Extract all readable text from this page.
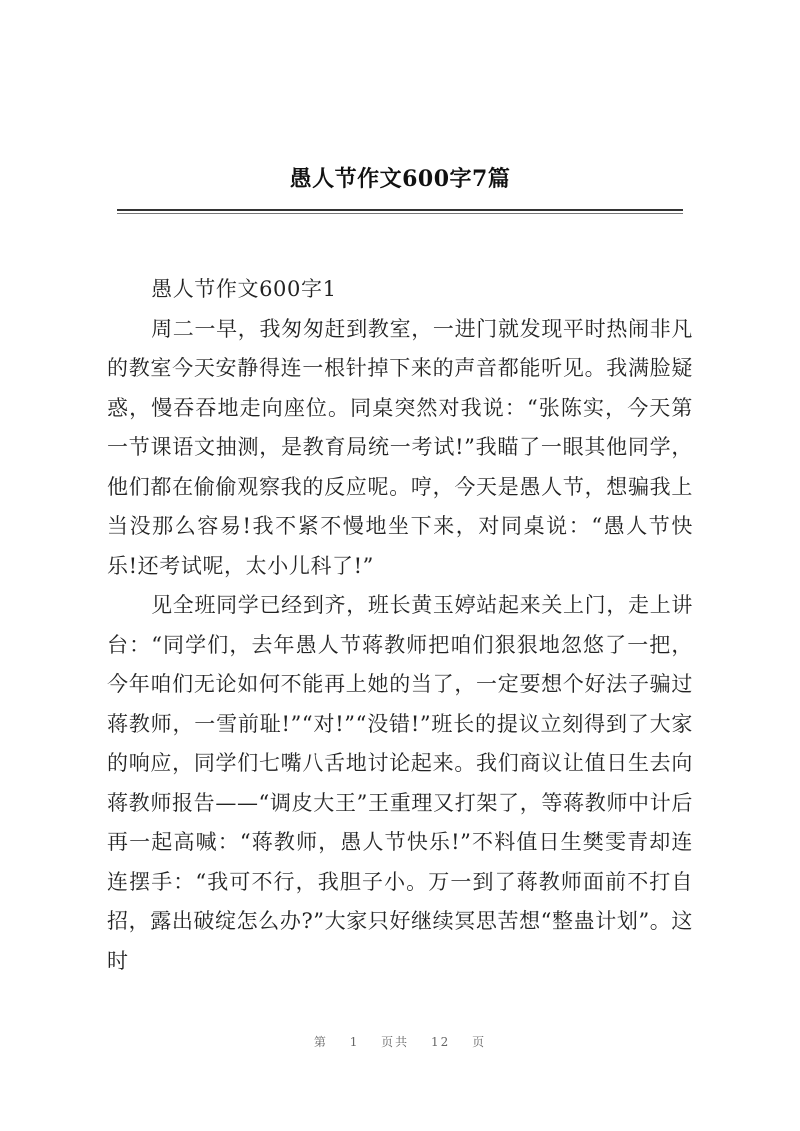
愚人节作文600字7篇

愚人节作文600字1

周二一早，我匆匆赶到教室，一进门就发现平时热闹非凡的教室今天安静得连一根针掉下来的声音都能听见。我满脸疑惑，慢吞吞地走向座位。同桌突然对我说：“张陈实，今天第一节课语文抽测，是教育局统一考试!”我瞄了一眼其他同学，他们都在偷偷观察我的反应呢。哼，今天是愚人节，想骗我上当没那么容易!我不紧不慢地坐下来，对同桌说：“愚人节快乐!还考试呢，太小儿科了!”

见全班同学已经到齐，班长黄玉婷站起来关上门，走上讲台：“同学们，去年愚人节蒋教师把咱们狠狠地忽悠了一把，今年咱们无论如何不能再上她的当了，一定要想个好法子骗过蒋教师，一雪前耻!”“对!”“没错!”班长的提议立刻得到了大家的响应，同学们七嘴八舌地讨论起来。我们商议让值日生去向蒋教师报告——“调皮大王”王重理又打架了，等蒋教师中计后再一起高喊：“蒋教师，愚人节快乐!”不料值日生樊雯青却连连摆手：“我可不行，我胆子小。万一到了蒋教师面前不打自招，露出破绽怎么办?”大家只好继续冥思苦想“整蛊计划”。这时

第 1 页共 12 页
